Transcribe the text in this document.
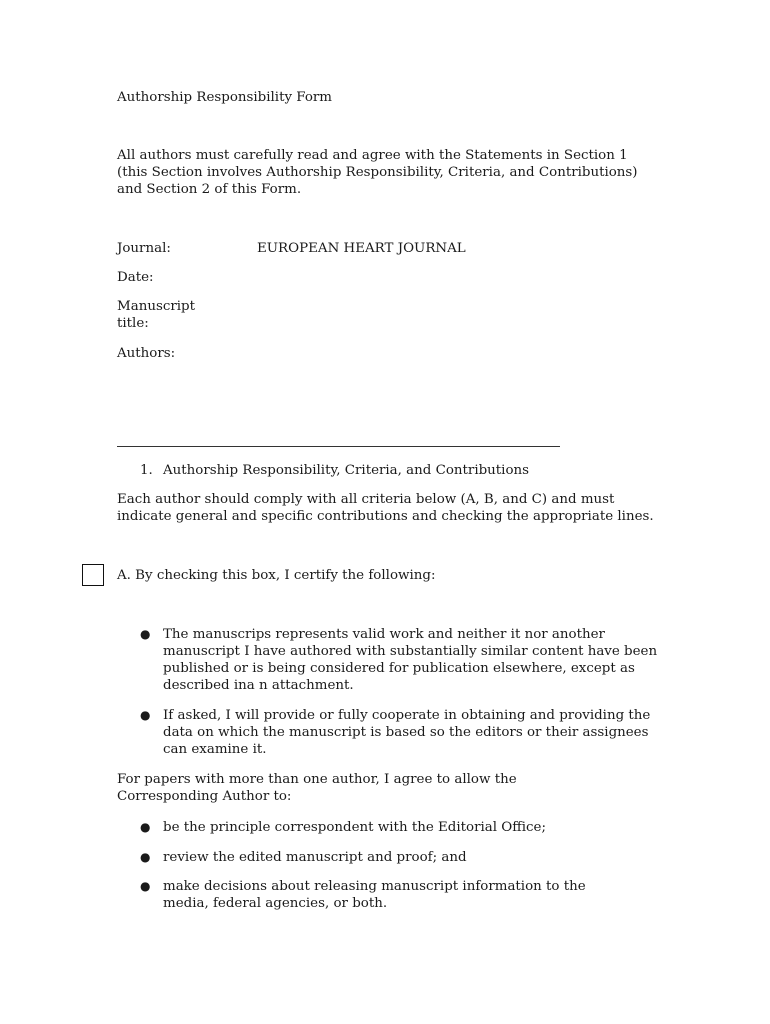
Authorship Responsibility Form
All authors must carefully read and agree with the Statements in Section 1 (this Section involves Authorship Responsibility, Criteria, and Contributions) and Section 2 of this Form.
Journal:	EUROPEAN HEART JOURNAL
Date:
Manuscript title:
Authors:
1. Authorship Responsibility, Criteria, and Contributions
Each author should comply with all criteria below (A, B, and C) and must indicate general and specific contributions and checking the appropriate lines.
A. By checking this box, I certify the following:
● The manuscrips represents valid work and neither it nor another manuscript I have authored with substantially similar content have been published or is being considered for publication elsewhere, except as described ina n attachment.
● If asked, I will provide or fully cooperate in obtaining and providing the data on which the manuscript is based so the editors or their assignees can examine it.
For papers with more than one author, I agree to allow the Corresponding Author to:
● be the principle correspondent with the Editorial Office;
● review the edited manuscript and proof; and
● make decisions about releasing manuscript information to the media, federal agencies, or both.
